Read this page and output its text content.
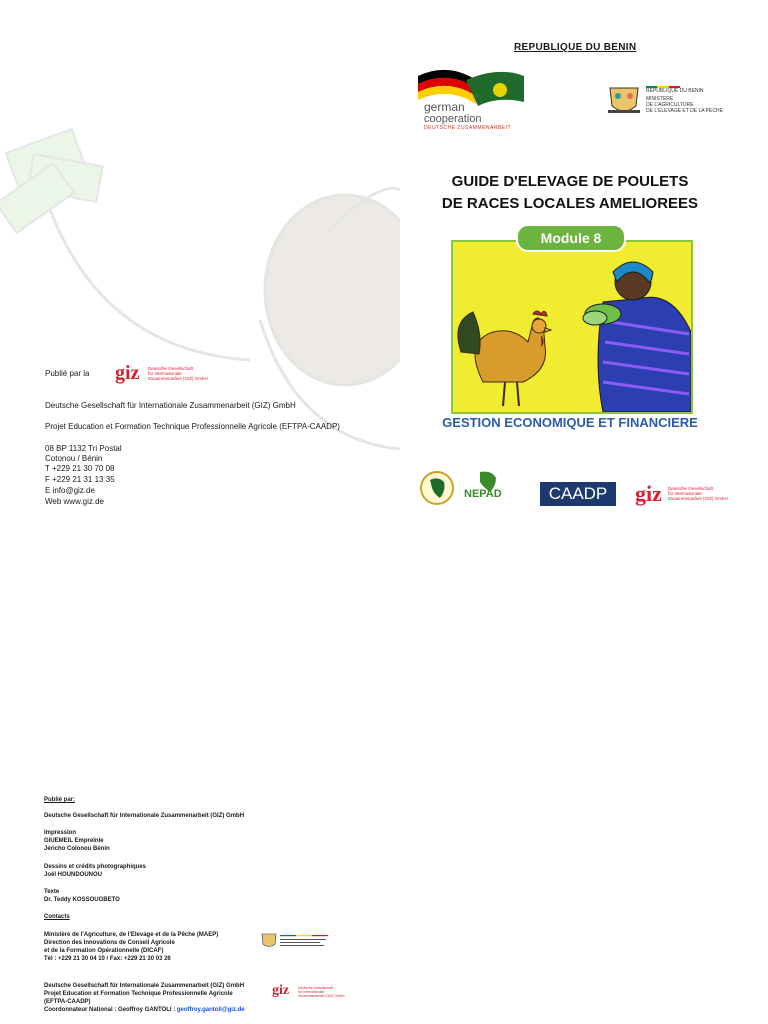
REPUBLIQUE DU BENIN
german
cooperation
DEUTSCHE ZUSAMMENARBEIT
REPUBLIQUE DU BENIN
MINISTERE
DE L'AGRICULTURE
DE L'ELEVAGE ET DE LA PECHE
GUIDE D'ELEVAGE DE POULETS
DE RACES LOCALES AMELIOREES
Module 8
GESTION ECONOMIQUE ET FINANCIERE
NEPAD	CAADP	giz Deutsche Gesellschaft
für Internationale
Zusammenarbeit (GIZ) GmbH
Publié par la giz Deutsche Gesellschaft
für Internationale
Zusammenarbeit (GIZ) GmbH
Deutsche Gesellschaft für Internationale Zusammenarbeit (GIZ) GmbH
Projet Education et Formation Technique Professionnelle Agricole (EFTPA-CAADP)
08 BP 1132 Tri Postal
Cotonou / Bénin
T +229 21 30 70 08
F +229 21 31 13 35
E info@giz.de
Web www.giz.de
Publié par:
Deutsche Gesellschaft für Internationale Zusammenarbeit (GIZ) GmbH
Impression
GIUEMEIL Emprelnle
Jéricho Colonou Bénin
Dessins et crédits photographiques
Joël HOUNDOUNOU
Texte
Dr. Teddy KOSSOUGBETO
Contacts
Ministère de l'Agriculture, de l'Elevage et de la Pêche (MAEP)
Direction des Innovations de Conseil Agricole
et de la Formation Opérationnelle (DICAF)
Tél : +229 21 30 04 10 / Fax: +229 21 30 03 26
Deutsche Gesellschaft für Internationale Zusammenarbeit (GIZ) GmbH
Projet Education et Formation Technique Professionnelle Agricole
(EFTPA-CAADP)
Coordonnateur National : Geoffroy GANTOLI : geoffroy.gantoli@giz.de
giz	Deutsche Gesellschaft
für Internationale
Zusammenarbeit (GIZ) GmbH
